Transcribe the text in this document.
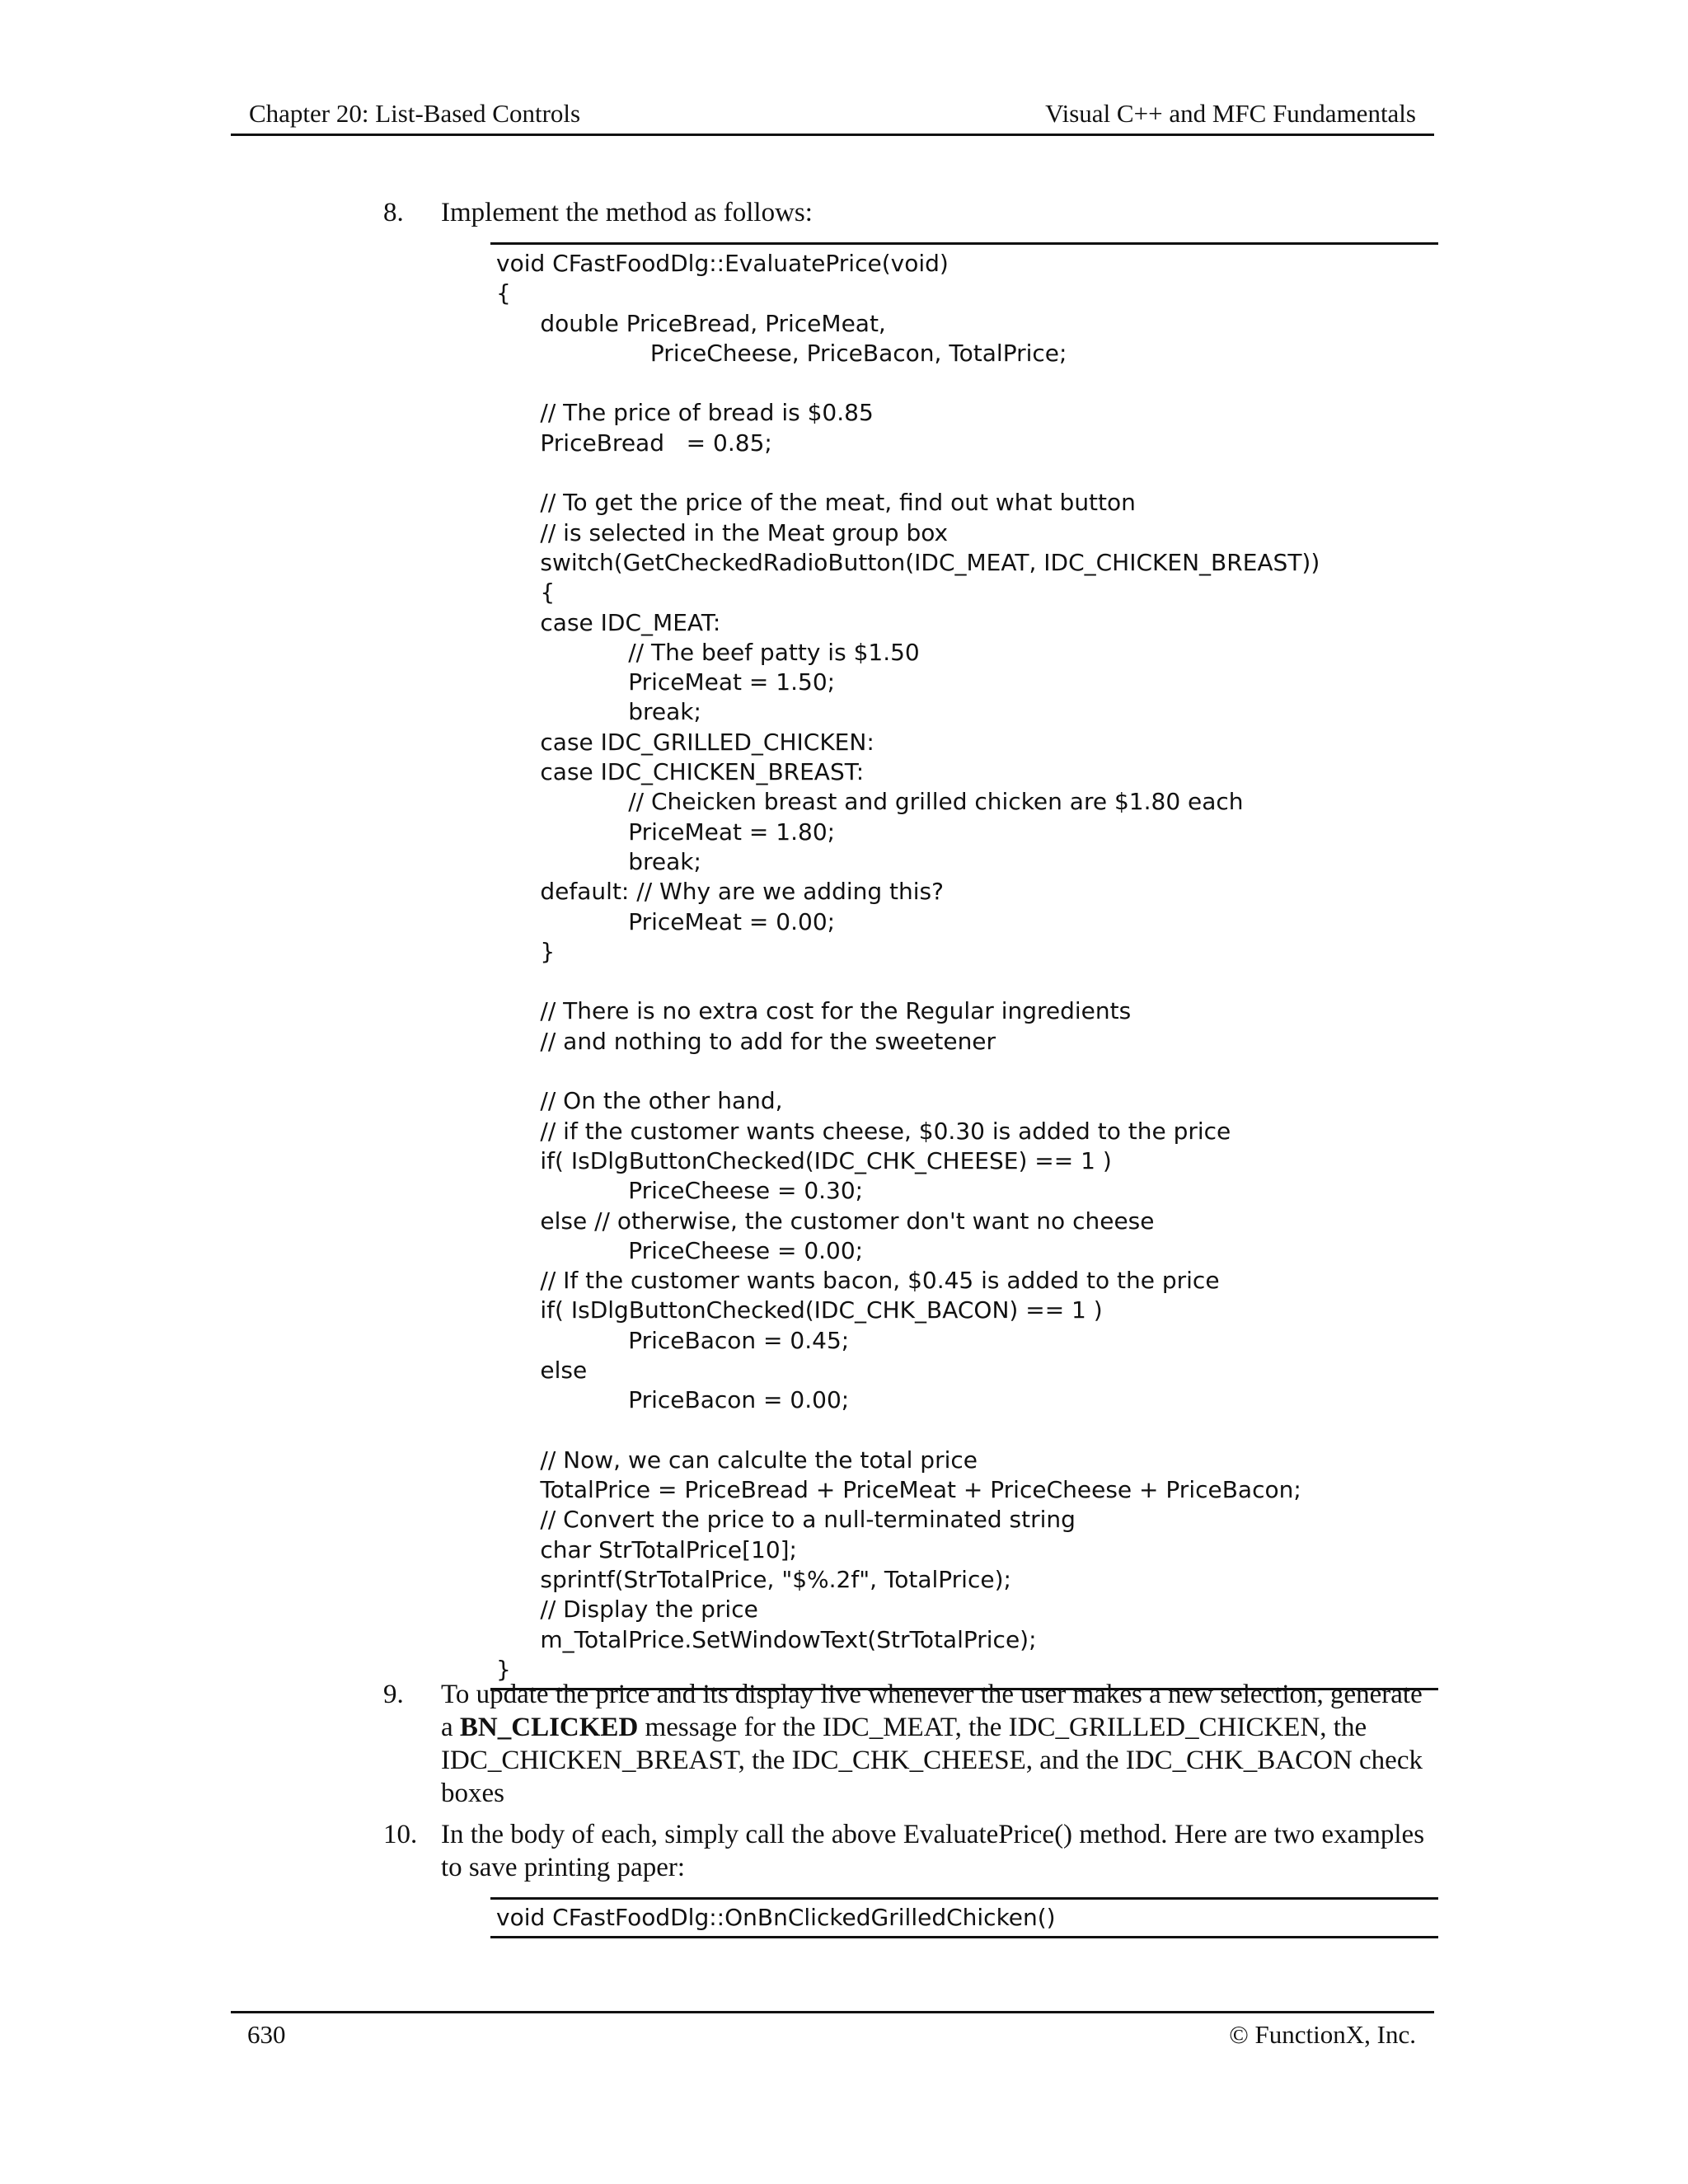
Chapter 20: List-Based Controls	Visual C++ and MFC Fundamentals
8. Implement the method as follows:
void CFastFoodDlg::EvaluatePrice(void)
{
double PriceBread, PriceMeat,
PriceCheese, PriceBacon, TotalPrice;

// The price of bread is $0.85
PriceBread   = 0.85;

// To get the price of the meat, find out what button
// is selected in the Meat group box
switch(GetCheckedRadioButton(IDC_MEAT, IDC_CHICKEN_BREAST))
{
case IDC_MEAT:
// The beef patty is $1.50
PriceMeat = 1.50;
break;
case IDC_GRILLED_CHICKEN:
case IDC_CHICKEN_BREAST:
// Cheicken breast and grilled chicken are $1.80 each
PriceMeat = 1.80;
break;
default: // Why are we adding this?
PriceMeat = 0.00;
}

// There is no extra cost for the Regular ingredients
// and nothing to add for the sweetener

// On the other hand,
// if the customer wants cheese, $0.30 is added to the price
if( IsDlgButtonChecked(IDC_CHK_CHEESE) == 1 )
PriceCheese = 0.30;
else // otherwise, the customer don't want no cheese
PriceCheese = 0.00;
// If the customer wants bacon, $0.45 is added to the price
if( IsDlgButtonChecked(IDC_CHK_BACON) == 1 )
PriceBacon = 0.45;
else
PriceBacon = 0.00;

// Now, we can calculte the total price
TotalPrice = PriceBread + PriceMeat + PriceCheese + PriceBacon;
// Convert the price to a null-terminated string
char StrTotalPrice[10];
sprintf(StrTotalPrice, "$%.2f", TotalPrice);
// Display the price
m_TotalPrice.SetWindowText(StrTotalPrice);
}
9. To update the price and its display live whenever the user makes a new selection, generate a BN_CLICKED message for the IDC_MEAT, the IDC_GRILLED_CHICKEN, the IDC_CHICKEN_BREAST, the IDC_CHK_CHEESE, and the IDC_CHK_BACON check boxes
10. In the body of each, simply call the above EvaluatePrice() method. Here are two examples to save printing paper:
void CFastFoodDlg::OnBnClickedGrilledChicken()
630	© FunctionX, Inc.
